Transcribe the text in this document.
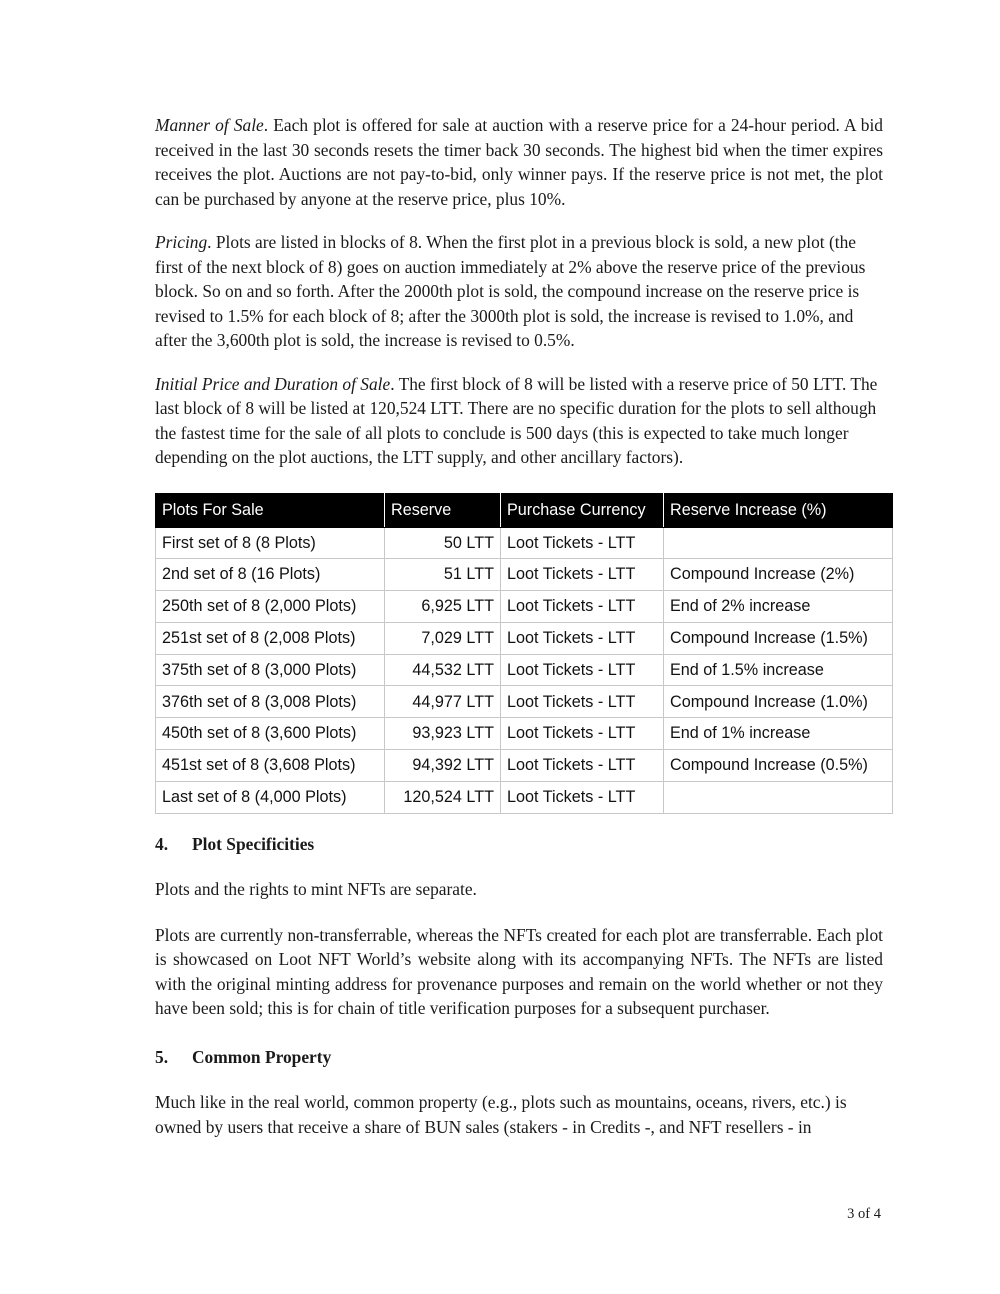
Manner of Sale. Each plot is offered for sale at auction with a reserve price for a 24-hour period. A bid received in the last 30 seconds resets the timer back 30 seconds. The highest bid when the timer expires receives the plot. Auctions are not pay-to-bid, only winner pays. If the reserve price is not met, the plot can be purchased by anyone at the reserve price, plus 10%.

Pricing. Plots are listed in blocks of 8. When the first plot in a previous block is sold, a new plot (the first of the next block of 8) goes on auction immediately at 2% above the reserve price of the previous block. So on and so forth. After the 2000th plot is sold, the compound increase on the reserve price is revised to 1.5% for each block of 8; after the 3000th plot is sold, the increase is revised to 1.0%, and after the 3,600th plot is sold, the increase is revised to 0.5%.

Initial Price and Duration of Sale. The first block of 8 will be listed with a reserve price of 50 LTT. The last block of 8 will be listed at 120,524 LTT. There are no specific duration for the plots to sell although the fastest time for the sale of all plots to conclude is 500 days (this is expected to take much longer depending on the plot auctions, the LTT supply, and other ancillary factors).

Plots For Sale	Reserve	Purchase Currency	Reserve Increase (%)
First set of 8 (8 Plots)	50 LTT	Loot Tickets - LTT	
2nd set of 8 (16 Plots)	51 LTT	Loot Tickets - LTT	Compound Increase (2%)
250th set of 8 (2,000 Plots)	6,925 LTT	Loot Tickets - LTT	End of 2% increase
251st set of 8 (2,008 Plots)	7,029 LTT	Loot Tickets - LTT	Compound Increase (1.5%)
375th set of 8 (3,000 Plots)	44,532 LTT	Loot Tickets - LTT	End of 1.5% increase
376th set of 8 (3,008 Plots)	44,977 LTT	Loot Tickets - LTT	Compound Increase (1.0%)
450th set of 8 (3,600 Plots)	93,923 LTT	Loot Tickets - LTT	End of 1% increase
451st set of 8 (3,608 Plots)	94,392 LTT	Loot Tickets - LTT	Compound Increase (0.5%)
Last set of 8 (4,000 Plots)	120,524 LTT	Loot Tickets - LTT	
4.	Plot Specificities

Plots and the rights to mint NFTs are separate.

Plots are currently non-transferrable, whereas the NFTs created for each plot are transferrable. Each plot is showcased on Loot NFT World’s website along with its accompanying NFTs. The NFTs are listed with the original minting address for provenance purposes and remain on the world whether or not they have been sold; this is for chain of title verification purposes for a subsequent purchaser.

5.	Common Property

Much like in the real world, common property (e.g., plots such as mountains, oceans, rivers, etc.) is owned by users that receive a share of BUN sales (stakers - in Credits -, and NFT resellers - in

3 of 4
